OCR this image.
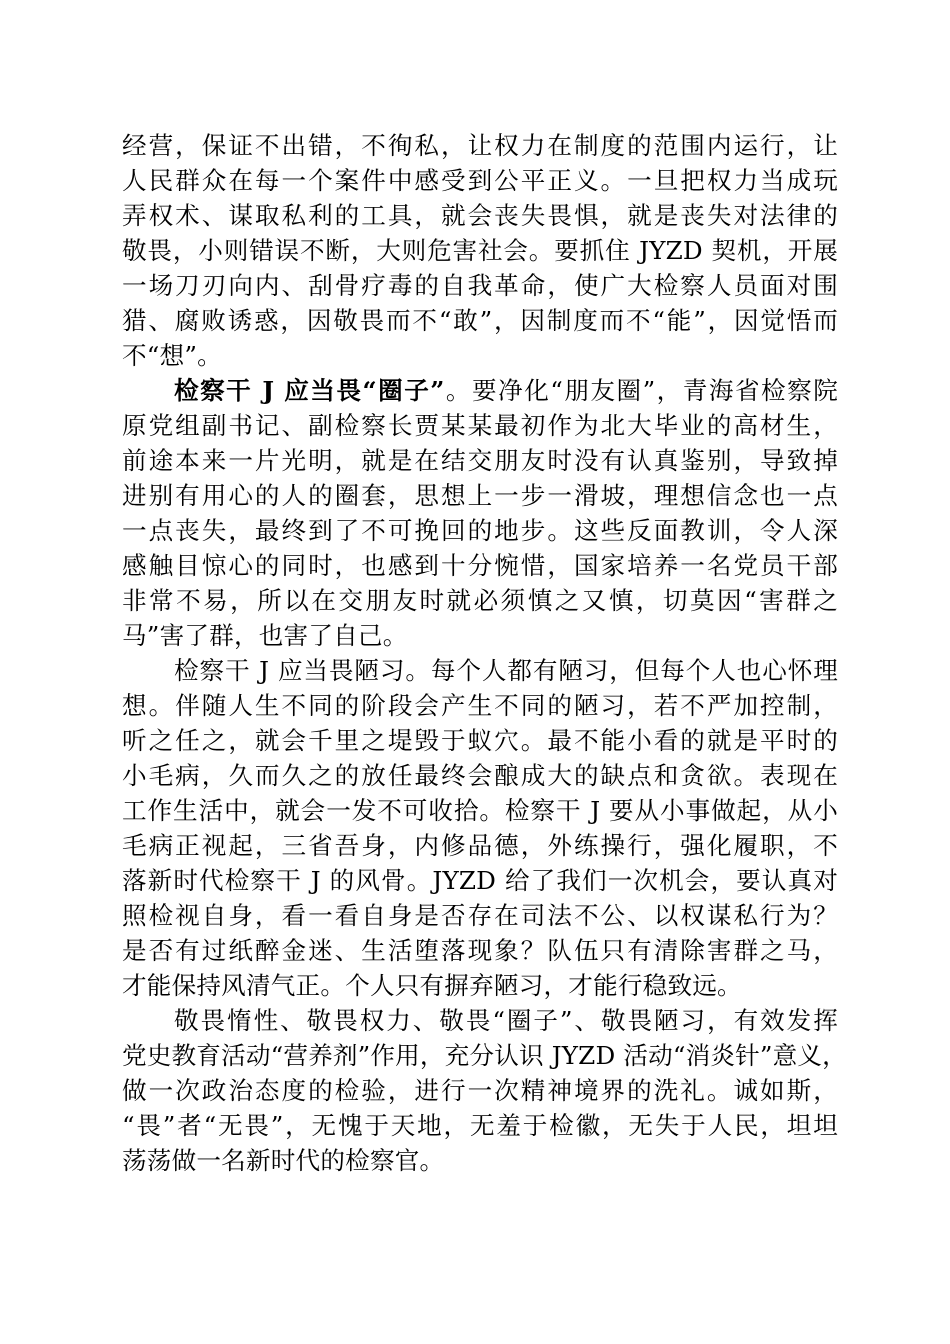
经营，保证不出错，不徇私，让权力在制度的范围内运行，让
人民群众在每一个案件中感受到公平正义。一旦把权力当成玩
弄权术、谋取私利的工具，就会丧失畏惧，就是丧失对法律的
敬畏，小则错误不断，大则危害社会。要抓住 JYZD 契机，开展
一场刀刃向内、刮骨疗毒的自我革命，使广大检察人员面对围
猎、腐败诱惑，因敬畏而不“敢”，因制度而不“能”，因觉悟而
不“想”。
检察干 J 应当畏“圈子”。要净化“朋友圈”，青海省检察院
原党组副书记、副检察长贾某某最初作为北大毕业的高材生，
前途本来一片光明，就是在结交朋友时没有认真鉴别，导致掉
进别有用心的人的圈套，思想上一步一滑坡，理想信念也一点
一点丧失，最终到了不可挽回的地步。这些反面教训，令人深
感触目惊心的同时，也感到十分惋惜，国家培养一名党员干部
非常不易，所以在交朋友时就必须慎之又慎，切莫因“害群之
马”害了群，也害了自己。
检察干 J 应当畏陋习。每个人都有陋习，但每个人也心怀理
想。伴随人生不同的阶段会产生不同的陋习，若不严加控制，
听之任之，就会千里之堤毁于蚁穴。最不能小看的就是平时的
小毛病，久而久之的放任最终会酿成大的缺点和贪欲。表现在
工作生活中，就会一发不可收拾。检察干 J 要从小事做起，从小
毛病正视起，三省吾身，内修品德，外练操行，强化履职，不
落新时代检察干 J 的风骨。JYZD 给了我们一次机会，要认真对
照检视自身，看一看自身是否存在司法不公、以权谋私行为？
是否有过纸醉金迷、生活堕落现象？队伍只有清除害群之马，
才能保持风清气正。个人只有摒弃陋习，才能行稳致远。
敬畏惰性、敬畏权力、敬畏“圈子”、敬畏陋习，有效发挥
党史教育活动“营养剂”作用，充分认识 JYZD 活动“消炎针”意义，
做一次政治态度的检验，进行一次精神境界的洗礼。诚如斯，
“畏”者“无畏”，无愧于天地，无羞于检徽，无失于人民，坦坦
荡荡做一名新时代的检察官。
